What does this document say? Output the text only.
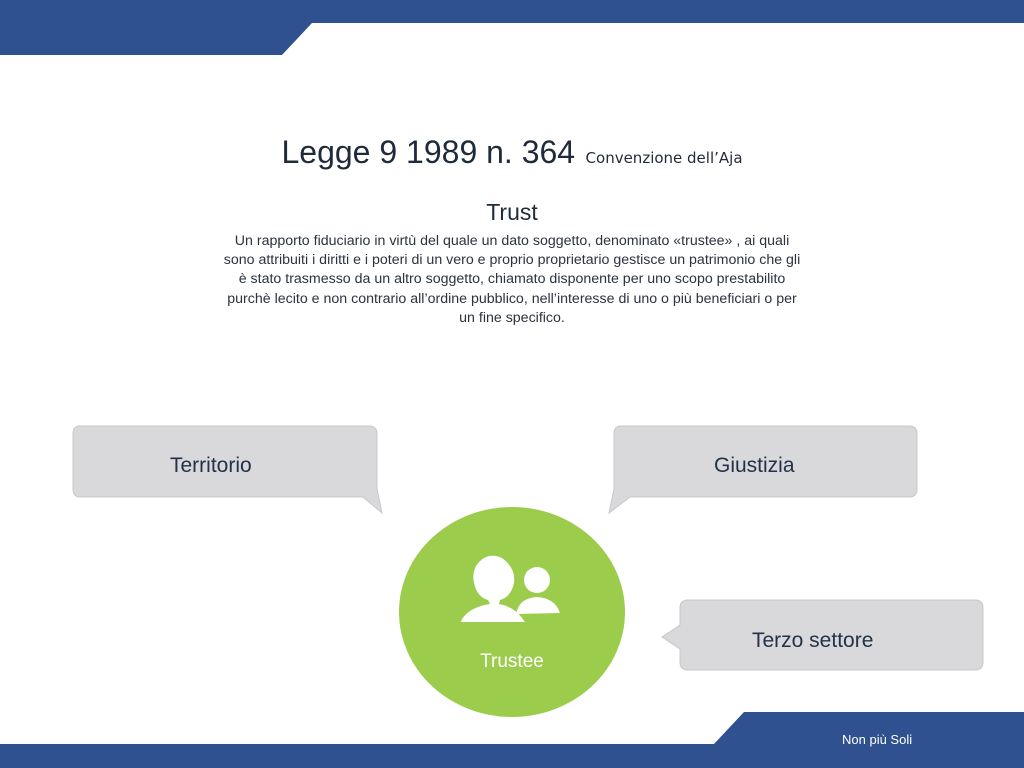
Legge 9 1989 n. 364 Convenzione dell’Aja
Trust
Un rapporto fiduciario in virtù del quale un dato soggetto, denominato «trustee» , ai quali
sono attribuiti i diritti e i poteri di un vero e proprio proprietario gestisce un patrimonio che gli
è stato trasmesso da un altro soggetto, chiamato disponente per uno scopo prestabilito
purchè lecito e non contrario all’ordine pubblico, nell’interesse di uno o più beneficiari o per
un fine specifico.
Territorio	Giustizia
Terzo settore
Trustee
Non più Soli
